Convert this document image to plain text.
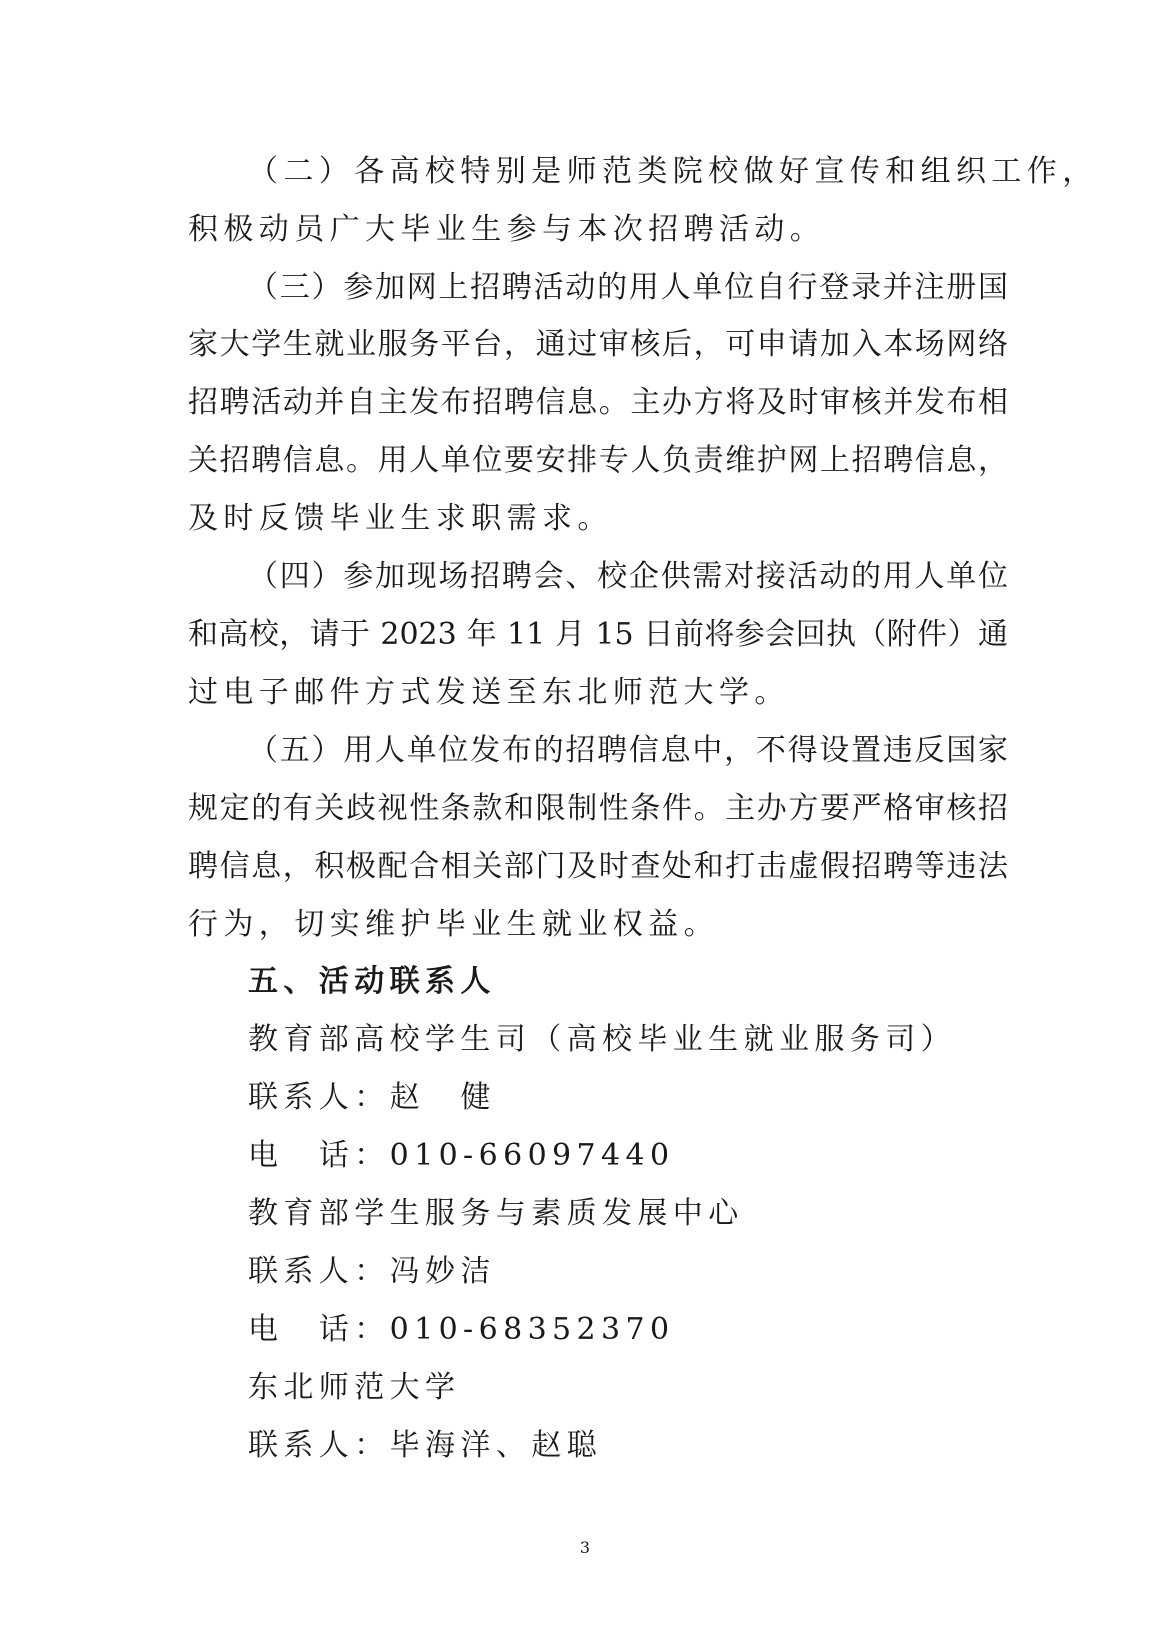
（二）各高校特别是师范类院校做好宣传和组织工作，
积极动员广大毕业生参与本次招聘活动。
（三）参加网上招聘活动的用人单位自行登录并注册国
家大学生就业服务平台，通过审核后，可申请加入本场网络
招聘活动并自主发布招聘信息。主办方将及时审核并发布相
关招聘信息。用人单位要安排专人负责维护网上招聘信息，
及时反馈毕业生求职需求。
（四）参加现场招聘会、校企供需对接活动的用人单位
和高校，请于 2023 年 11 月 15 日前将参会回执（附件）通
过电子邮件方式发送至东北师范大学。
（五）用人单位发布的招聘信息中，不得设置违反国家
规定的有关歧视性条款和限制性条件。主办方要严格审核招
聘信息，积极配合相关部门及时查处和打击虚假招聘等违法
行为，切实维护毕业生就业权益。
五、活动联系人
教育部高校学生司（高校毕业生就业服务司）
联系人：赵　健
电　话：010-66097440
教育部学生服务与素质发展中心
联系人：冯妙洁
电　话：010-68352370
东北师范大学
联系人：毕海洋、赵聪
3
